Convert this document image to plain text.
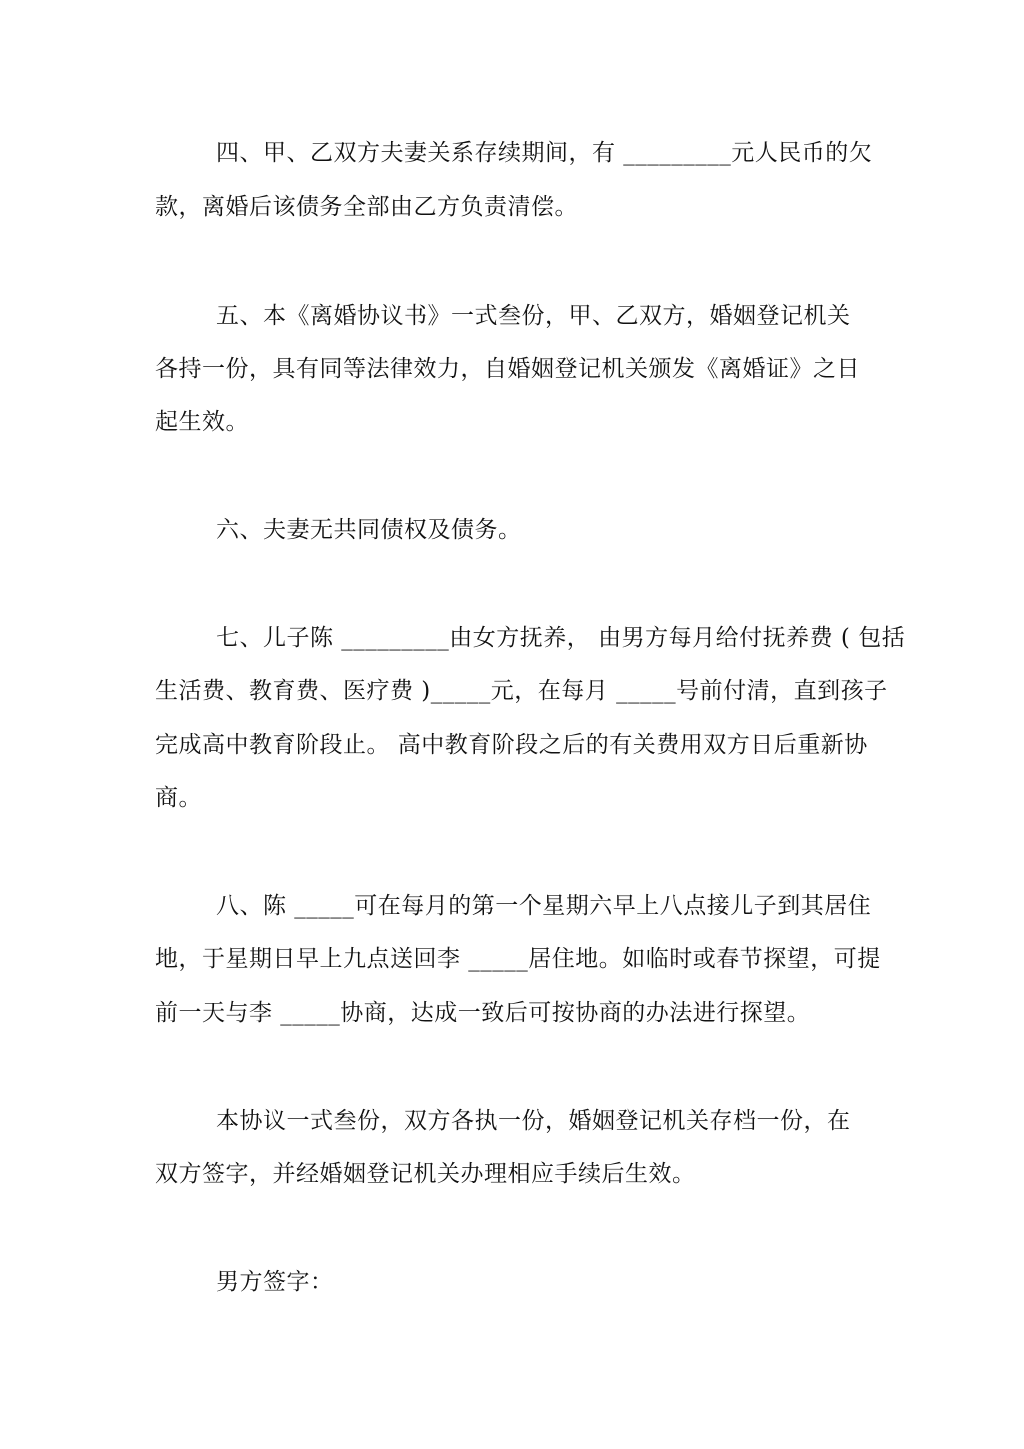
四、甲、乙双方夫妻关系存续期间，有 _________元人民币的欠
款，离婚后该债务全部由乙方负责清偿。
五、本《离婚协议书》一式叁份，甲、乙双方，婚姻登记机关
各持一份，具有同等法律效力，自婚姻登记机关颁发《离婚证》之日
起生效。
六、夫妻无共同债权及债务。
七、儿子陈 _________由女方抚养， 由男方每月给付抚养费 ( 包括
生活费、教育费、医疗费 )_____元，在每月 _____号前付清，直到孩子
完成高中教育阶段止。 高中教育阶段之后的有关费用双方日后重新协
商。
八、陈 _____可在每月的第一个星期六早上八点接儿子到其居住
地，于星期日早上九点送回李 _____居住地。如临时或春节探望，可提
前一天与李 _____协商，达成一致后可按协商的办法进行探望。
本协议一式叁份，双方各执一份，婚姻登记机关存档一份，在
双方签字，并经婚姻登记机关办理相应手续后生效。
男方签字：
